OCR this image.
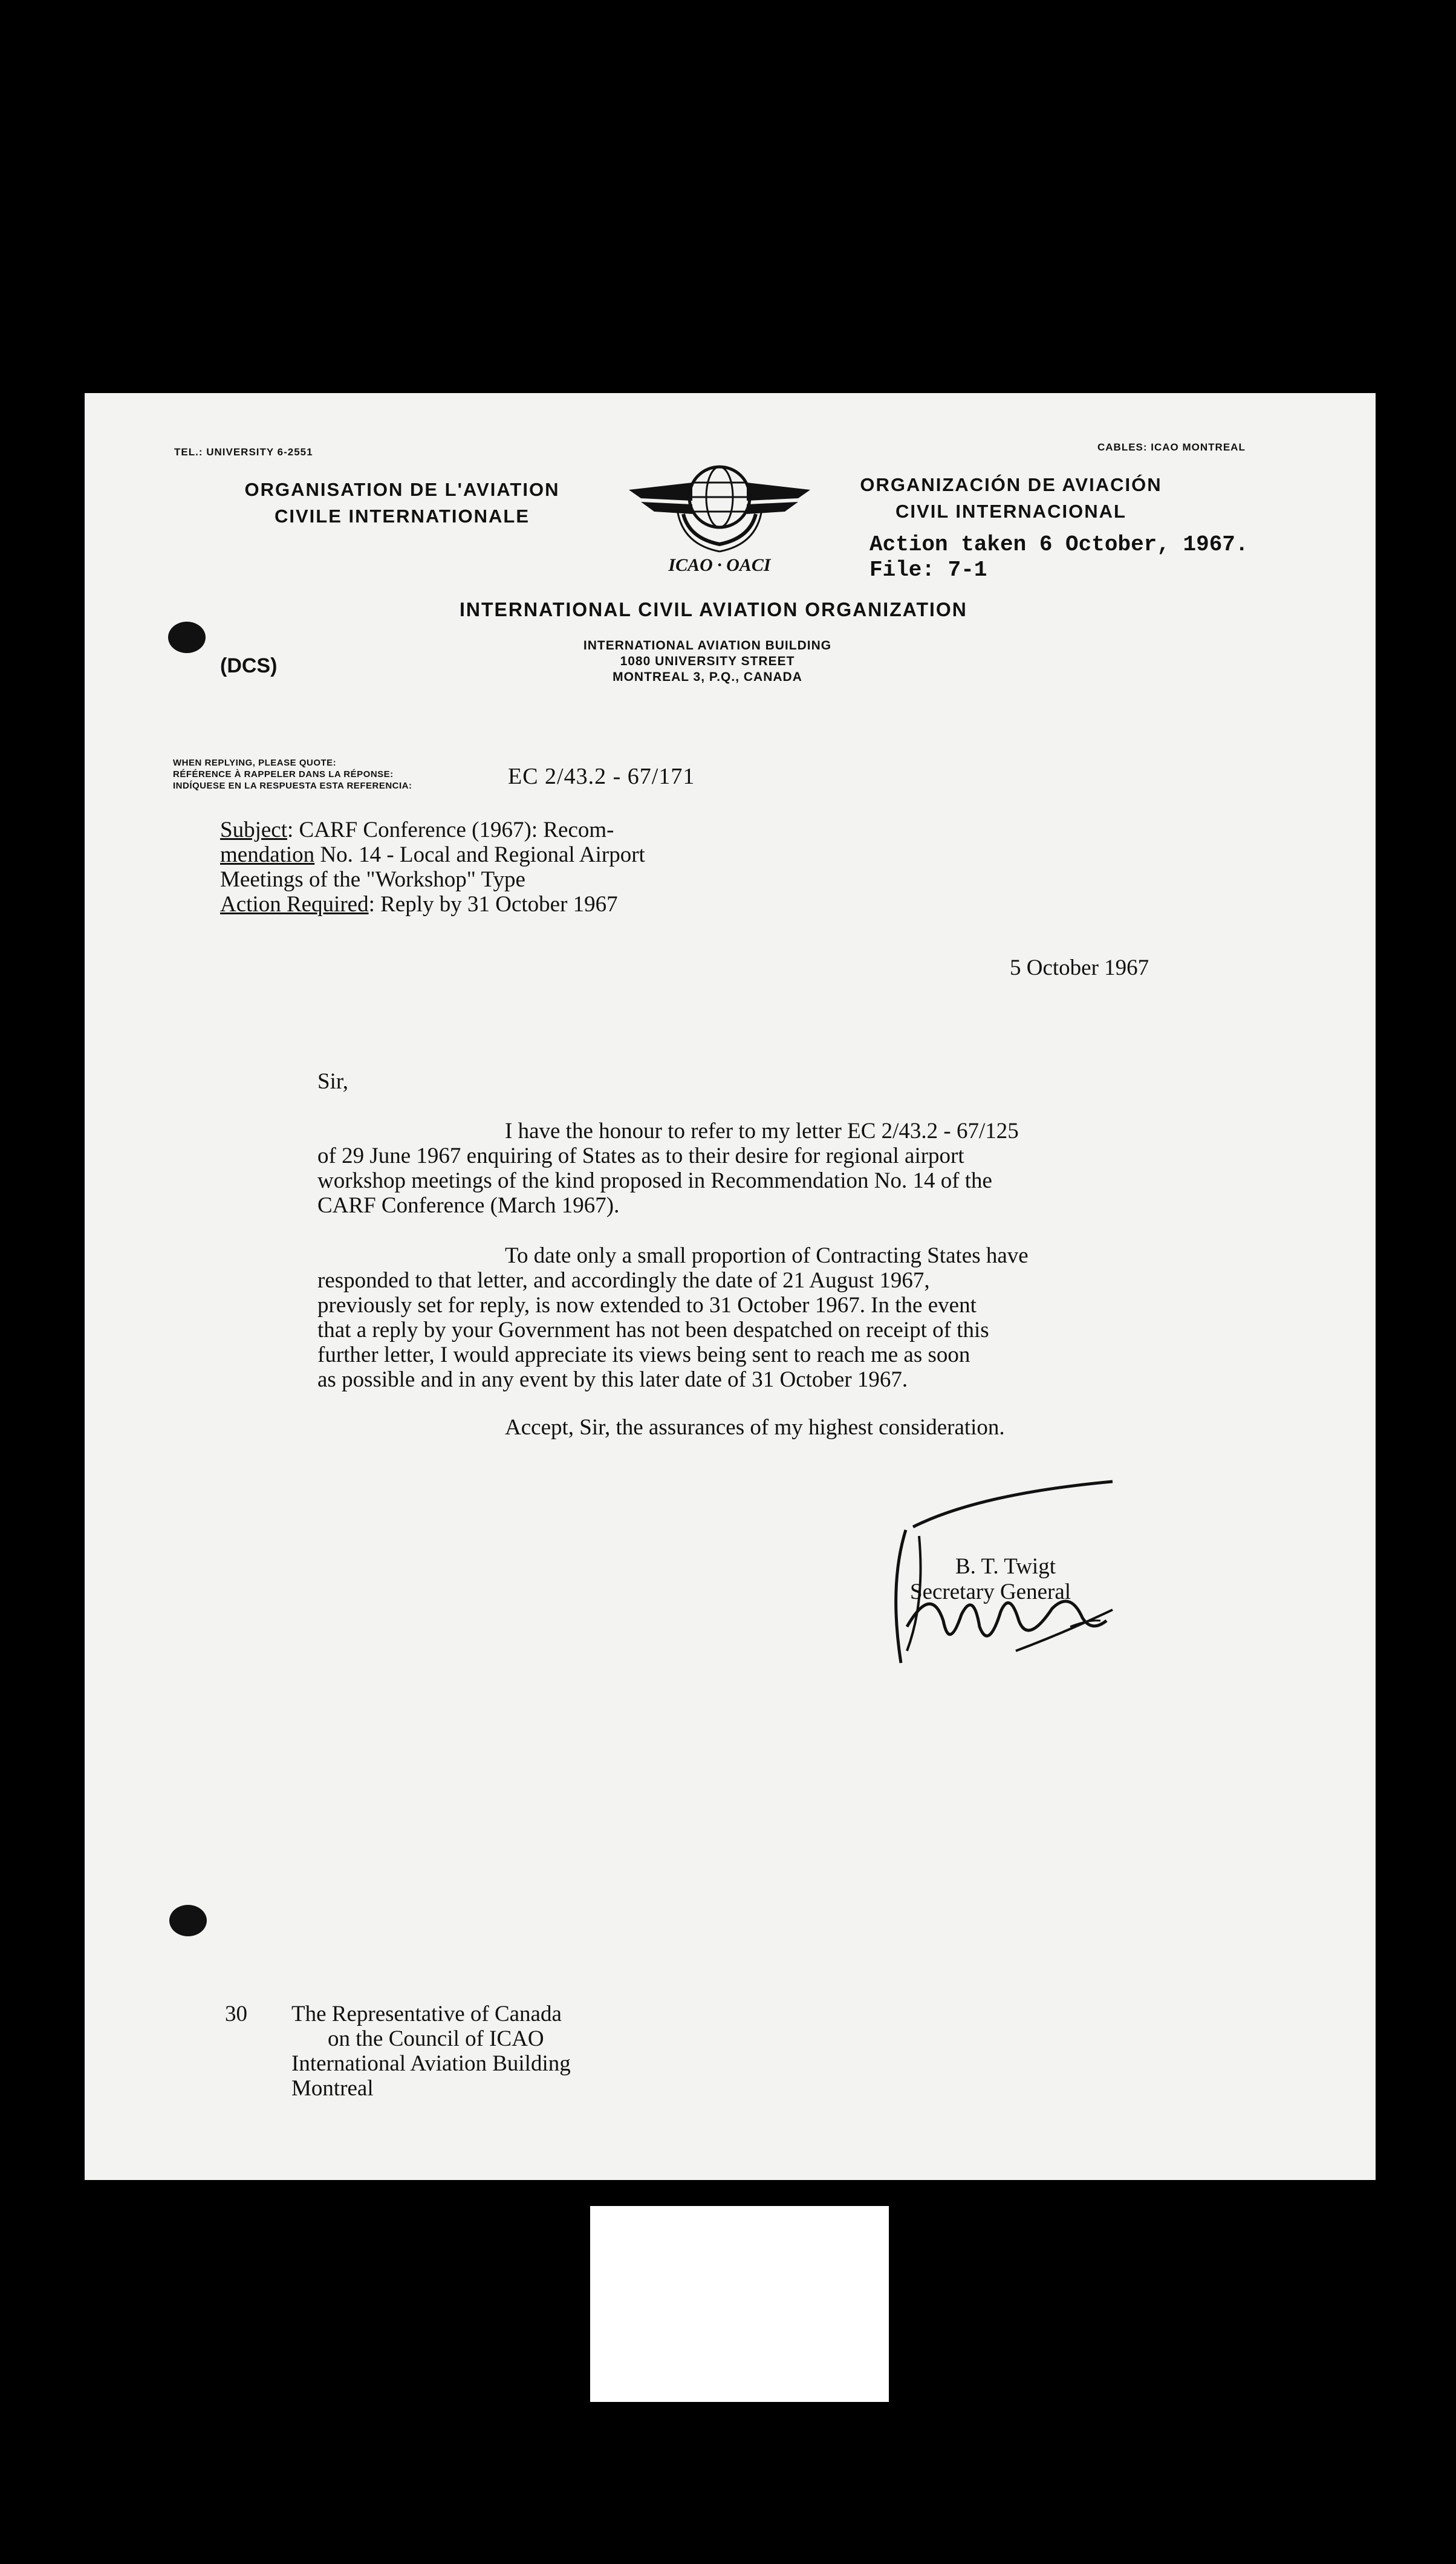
TEL.: UNIVERSITY 6-2551	CABLES: ICAO MONTREAL
ORGANISATION DE L'AVIATION
CIVILE INTERNATIONALE
ICAO · OACI
ORGANIZACIÓN DE AVIACIÓN
CIVIL INTERNACIONAL
Action taken 6 October, 1967.
File: 7-1
INTERNATIONAL CIVIL AVIATION ORGANIZATION
INTERNATIONAL AVIATION BUILDING
1080 UNIVERSITY STREET
MONTREAL 3, P.Q., CANADA
(DCS)
WHEN REPLYING, PLEASE QUOTE:
RÉFÉRENCE À RAPPELER DANS LA RÉPONSE:
INDÍQUESE EN LA RESPUESTA ESTA REFERENCIA:	EC 2/43.2 - 67/171
Subject: CARF Conference (1967): Recom-
mendation No. 14 - Local and Regional Airport
Meetings of the "Workshop" Type
Action Required: Reply by 31 October 1967
5 October 1967
Sir,
I have the honour to refer to my letter EC 2/43.2 - 67/125
of 29 June 1967 enquiring of States as to their desire for regional airport
workshop meetings of the kind proposed in Recommendation No. 14 of the
CARF Conference (March 1967).
To date only a small proportion of Contracting States have
responded to that letter, and accordingly the date of 21 August 1967,
previously set for reply, is now extended to 31 October 1967. In the event
that a reply by your Government has not been despatched on receipt of this
further letter, I would appreciate its views being sent to reach me as soon
as possible and in any event by this later date of 31 October 1967.
Accept, Sir, the assurances of my highest consideration.
B. T. Twigt
Secretary General
30 The Representative of Canada
on the Council of ICAO
International Aviation Building
Montreal
